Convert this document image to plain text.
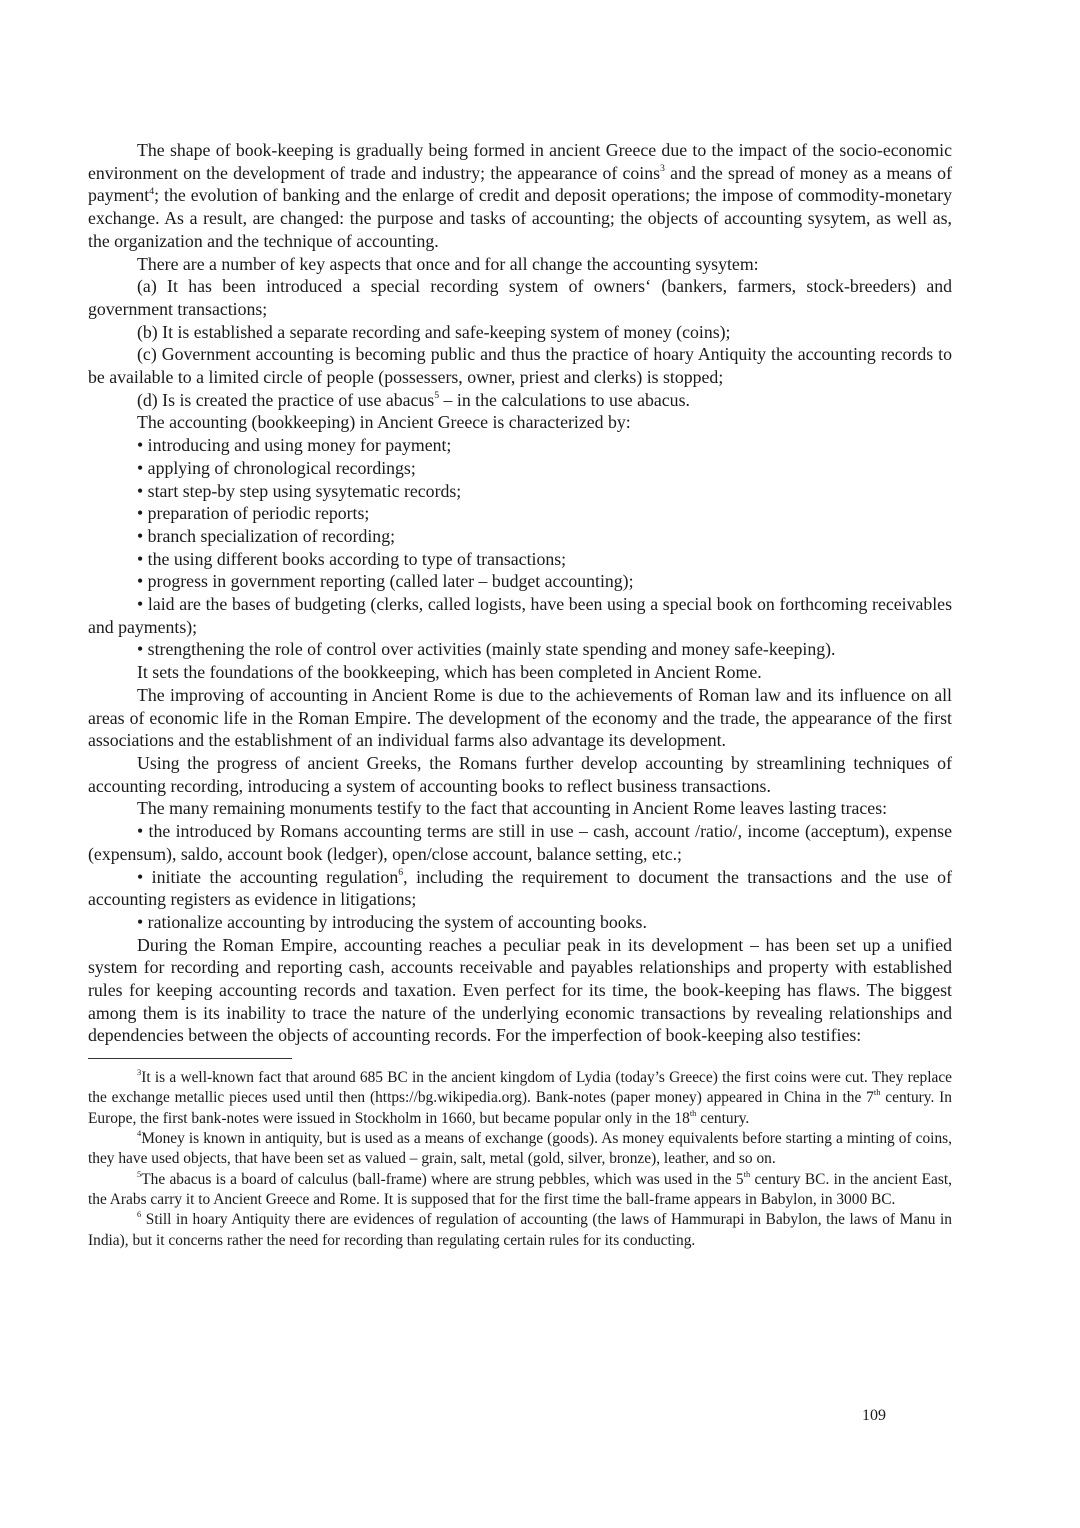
The shape of book-keeping is gradually being formed in ancient Greece due to the impact of the socio-economic environment on the development of trade and industry; the appearance of coins$^3$ and the spread of money as a means of payment$^4$; the evolution of banking and the enlarge of credit and deposit operations; the impose of commodity-monetary exchange. As a result, are changed: the purpose and tasks of accounting; the objects of accounting sysytem, as well as, the organization and the technique of accounting.

There are a number of key aspects that once and for all change the accounting sysytem:

(a) It has been introduced a special recording system of owners‘ (bankers, farmers, stock-breeders) and government transactions;

(b) It is established a separate recording and safe-keeping system of money (coins);

(c) Government accounting is becoming public and thus the practice of hoary Antiquity the accounting records to be available to a limited circle of people (possessers, owner, priest and clerks) is stopped;

(d) Is is created the practice of use abacus$^5$ – in the calculations to use abacus.

The accounting (bookkeeping) in Ancient Greece is characterized by:

• introducing and using money for payment;

• applying of chronological recordings;

• start step-by step using sysytematic records;

• preparation of periodic reports;

• branch specialization of recording;

• the using different books according to type of transactions;

• progress in government reporting (called later – budget accounting);

• laid are the bases of budgeting (clerks, called logists, have been using a special book on forthcoming receivables and payments);

• strengthening the role of control over activities (mainly state spending and money safe-keeping).

It sets the foundations of the bookkeeping, which has been completed in Ancient Rome.

The improving of accounting in Ancient Rome is due to the achievements of Roman law and its influence on all areas of economic life in the Roman Empire. The development of the economy and the trade, the appearance of the first associations and the establishment of an individual farms also advantage its development.

Using the progress of ancient Greeks, the Romans further develop accounting by streamlining techniques of accounting recording, introducing a system of accounting books to reflect business transactions.

The many remaining monuments testify to the fact that accounting in Ancient Rome leaves lasting traces:

• the introduced by Romans accounting terms are still in use – cash, account /ratio/, income (acceptum), expense (expensum), saldo, account book (ledger), open/close account, balance setting, etc.;

• initiate the accounting regulation$^6$, including the requirement to document the transactions and the use of accounting registers as evidence in litigations;

• rationalize accounting by introducing the system of accounting books.

During the Roman Empire, accounting reaches a peculiar peak in its development – has been set up a unified system for recording and reporting cash, accounts receivable and payables relationships and property with established rules for keeping accounting records and taxation. Even perfect for its time, the book-keeping has flaws. The biggest among them is its inability to trace the nature of the underlying economic transactions by revealing relationships and dependencies between the objects of accounting records. For the imperfection of book-keeping also testifies:

$^3$It is a well-known fact that around 685 BC in the ancient kingdom of Lydia (today’s Greece) the first coins were cut. They replace the exchange metallic pieces used until then (https://bg.wikipedia.org). Bank-notes (paper money) appeared in China in the 7th century. In Europe, the first bank-notes were issued in Stockholm in 1660, but became popular only in the 18th century.

$^4$Money is known in antiquity, but is used as a means of exchange (goods). As money equivalents before starting a minting of coins, they have used objects, that have been set as valued – grain, salt, metal (gold, silver, bronze), leather, and so on.

$^5$The abacus is a board of calculus (ball-frame) where are strung pebbles, which was used in the 5th century BC. in the ancient East, the Arabs carry it to Ancient Greece and Rome. It is supposed that for the first time the ball-frame appears in Babylon, in 3000 BC.

$^6$ Still in hoary Antiquity there are evidences of regulation of accounting (the laws of Hammurapi in Babylon, the laws of Manu in India), but it concerns rather the need for recording than regulating certain rules for its conducting.

109
